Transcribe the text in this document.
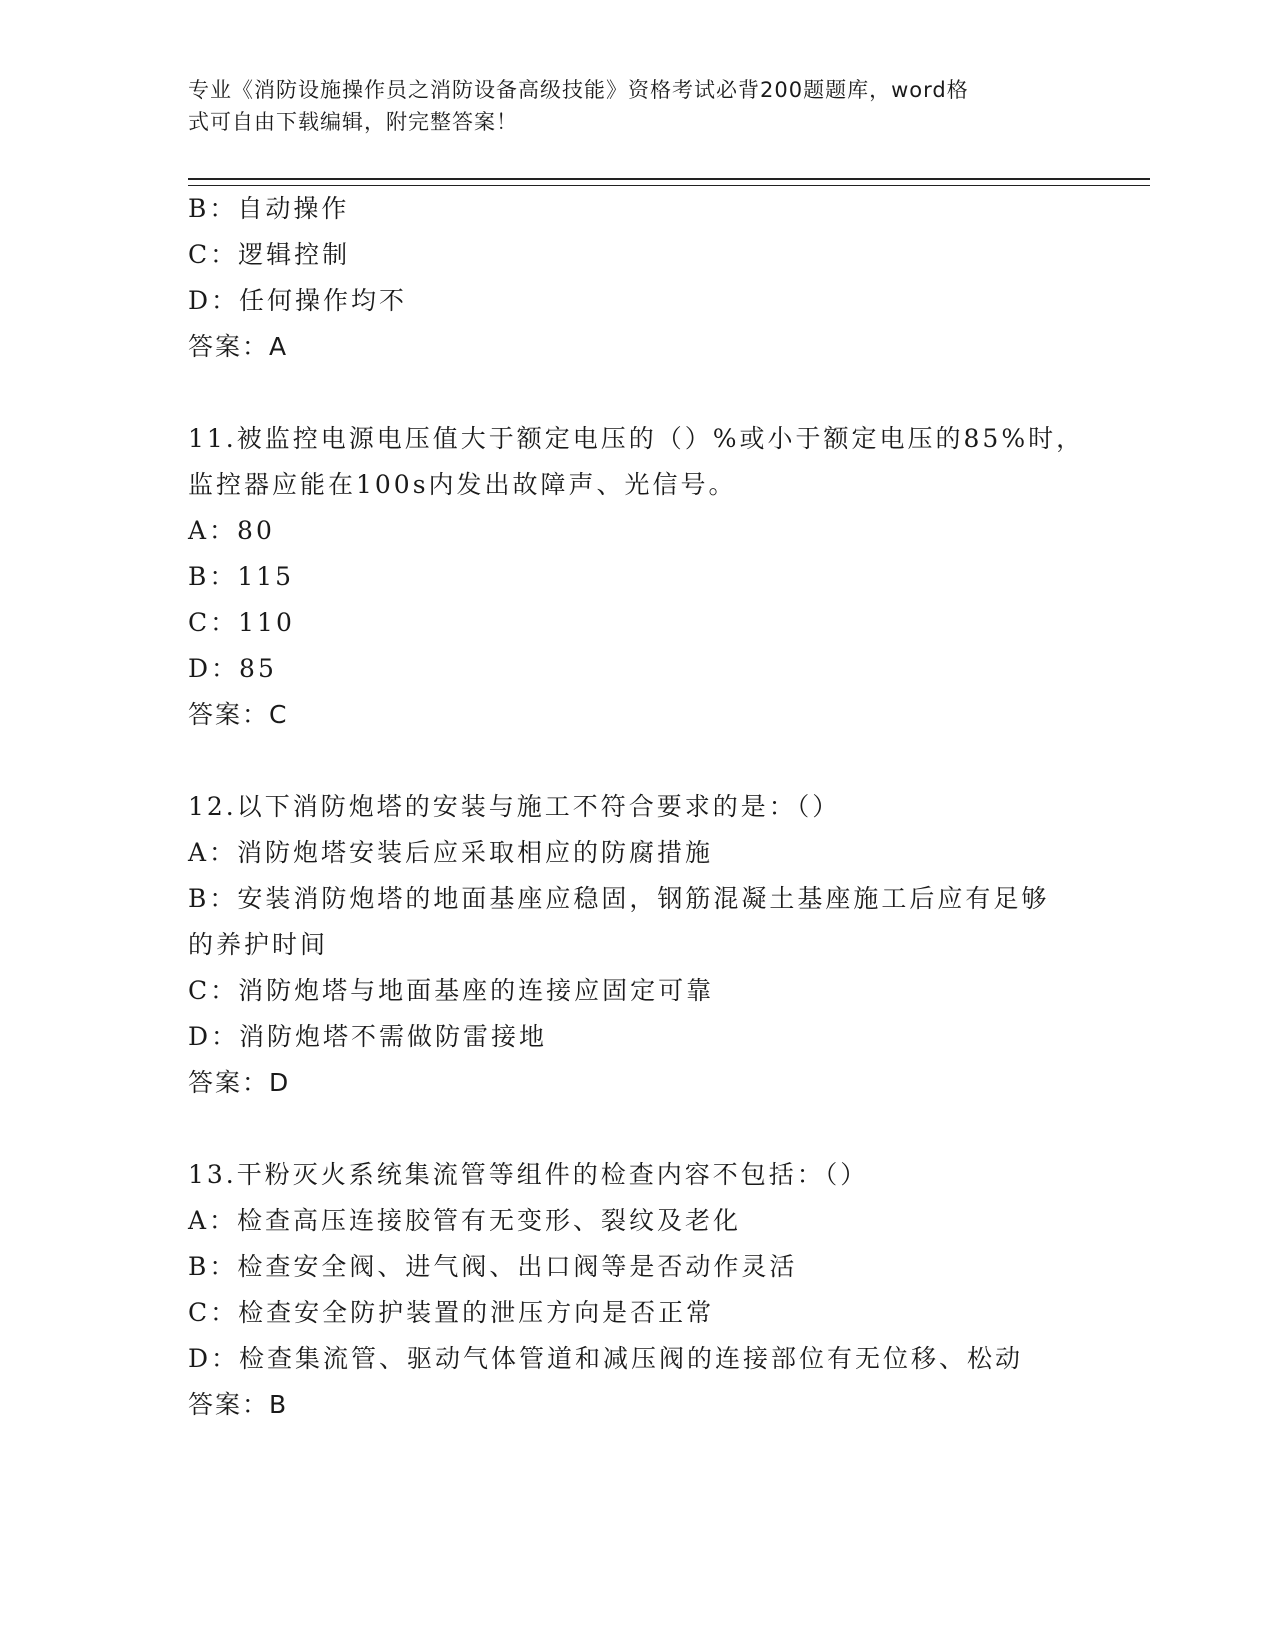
专业《消防设施操作员之消防设备高级技能》资格考试必背200题题库，word格
式可自由下载编辑，附完整答案！
B：自动操作
C：逻辑控制
D：任何操作均不
答案：A
11.被监控电源电压值大于额定电压的（）%或小于额定电压的85%时，
监控器应能在100s内发出故障声、光信号。
A：80
B：115
C：110
D：85
答案：C
12.以下消防炮塔的安装与施工不符合要求的是：（）
A：消防炮塔安装后应采取相应的防腐措施
B：安装消防炮塔的地面基座应稳固，钢筋混凝土基座施工后应有足够
的养护时间
C：消防炮塔与地面基座的连接应固定可靠
D：消防炮塔不需做防雷接地
答案：D
13.干粉灭火系统集流管等组件的检查内容不包括：（）
A：检查高压连接胶管有无变形、裂纹及老化
B：检查安全阀、进气阀、出口阀等是否动作灵活
C：检查安全防护装置的泄压方向是否正常
D：检查集流管、驱动气体管道和减压阀的连接部位有无位移、松动
答案：B
